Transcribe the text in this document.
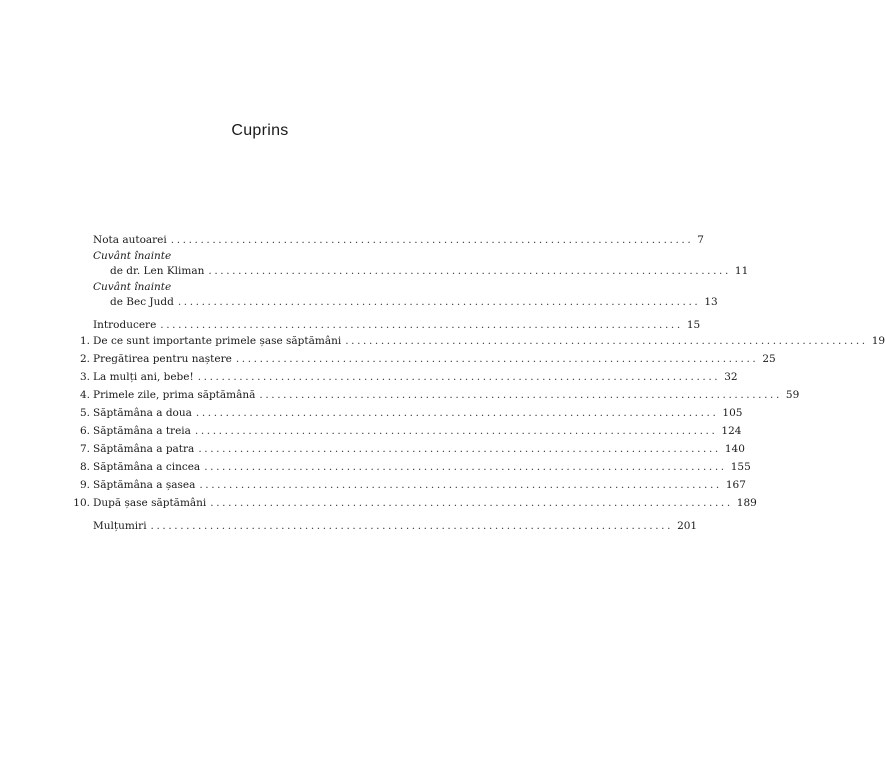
Cuprins
Nota autoarei ........................................................................................ 7
Cuvânt înainte
de dr. Len Kliman ........................................................................................ 11
Cuvânt înainte
de Bec Judd ........................................................................................ 13
Introducere ........................................................................................ 15
1. De ce sunt importante primele șase săptămâni ........................................................................................ 19
2. Pregătirea pentru naștere ........................................................................................ 25
3. La mulți ani, bebe! ........................................................................................ 32
4. Primele zile, prima săptămână ........................................................................................ 59
5. Săptămâna a doua ........................................................................................ 105
6. Săptămâna a treia ........................................................................................ 124
7. Săptămâna a patra ........................................................................................ 140
8. Săptămâna a cincea ........................................................................................ 155
9. Săptămâna a șasea ........................................................................................ 167
10. După șase săptămâni ........................................................................................ 189
Mulțumiri ........................................................................................ 201
